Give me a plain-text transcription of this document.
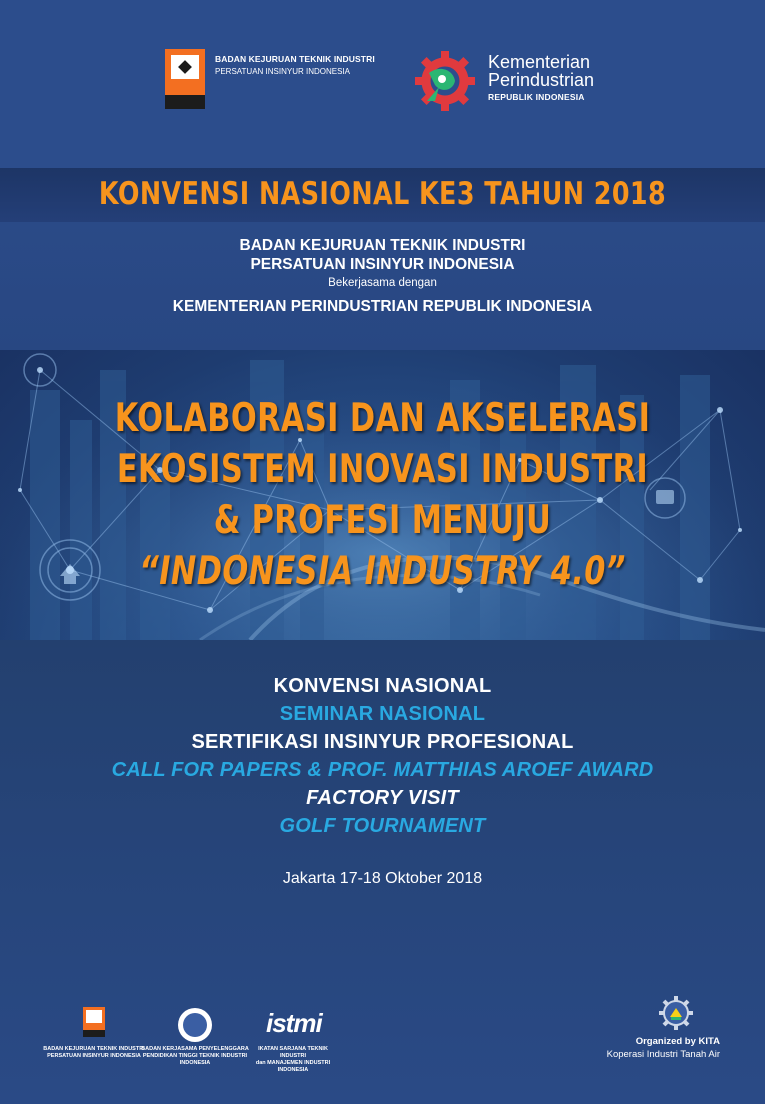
BADAN KEJURUAN TEKNIK INDUSTRI
PERSATUAN INSINYUR INDONESIA	Kementerian
Perindustrian
REPUBLIK INDONESIA
KONVENSI NASIONAL KE3 TAHUN 2018
BADAN KEJURUAN TEKNIK INDUSTRI
PERSATUAN INSINYUR INDONESIA
Bekerjasama dengan
KEMENTERIAN PERINDUSTRIAN REPUBLIK INDONESIA
KOLABORASI DAN AKSELERASI
EKOSISTEM INOVASI INDUSTRI
& PROFESI MENUJU
“INDONESIA INDUSTRY 4.0”
KONVENSI NASIONAL
SEMINAR NASIONAL
SERTIFIKASI INSINYUR PROFESIONAL
CALL FOR PAPERS & PROF. MATTHIAS AROEF AWARD
FACTORY VISIT
GOLF TOURNAMENT
Jakarta 17-18 Oktober 2018
BADAN KEJURUAN TEKNIK INDUSTRI
PERSATUAN INSINYUR INDONESIA
BADAN KERJASAMA PENYELENGGARA
PENDIDIKAN TINGGI TEKNIK INDUSTRI INDONESIA
istmi
IKATAN SARJANA TEKNIK INDUSTRI
dan MANAJEMEN INDUSTRI INDONESIA
Organized by KITA
Koperasi Industri Tanah Air
